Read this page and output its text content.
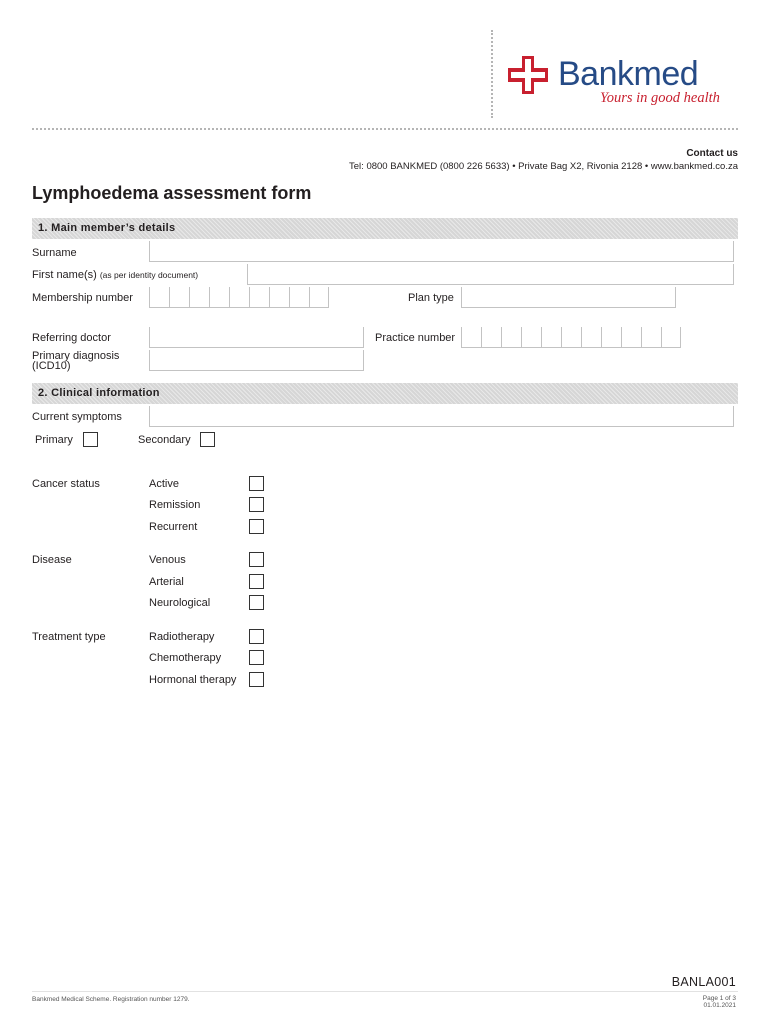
Bankmed
Yours in good health
Contact us
Tel: 0800 BANKMED (0800 226 5633) • Private Bag X2, Rivonia 2128 • www.bankmed.co.za
Lymphoedema assessment form
1. Main member’s details
Surname
First name(s) (as per identity document)
Membership number	Plan type
Referring doctor	Practice number
Primary diagnosis
(ICD10)
2. Clinical information
Current symptoms
Primary	Secondary
Cancer status	Active
Remission
Recurrent
Disease	Venous
Arterial
Neurological
Treatment type	Radiotherapy
Chemotherapy
Hormonal therapy
BANLA001
Bankmed Medical Scheme. Registration number 1279.	Page 1 of 3
01.01.2021
